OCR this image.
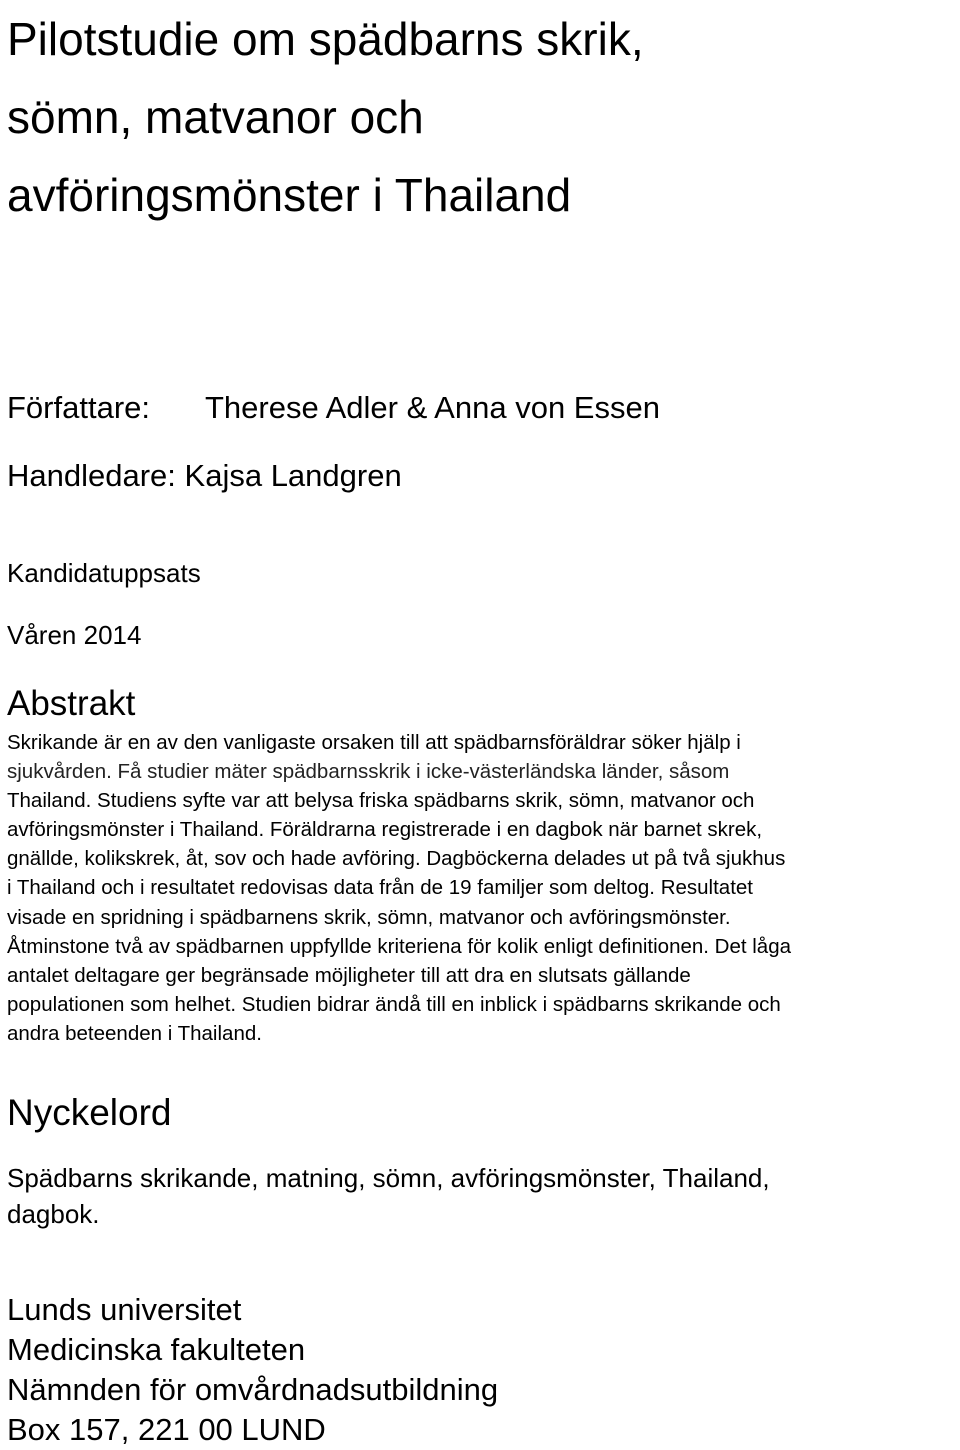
Pilotstudie om spädbarns skrik,
sömn, matvanor och
avföringsmönster i Thailand
Författare: Therese Adler & Anna von Essen
Handledare: Kajsa Landgren
Kandidatuppsats
Våren 2014
Abstrakt

Skrikande är en av den vanligaste orsaken till att spädbarnsföräldrar söker hjälp i
sjukvården. Få studier mäter spädbarnsskrik i icke-västerländska länder, såsom
Thailand. Studiens syfte var att belysa friska spädbarns skrik, sömn, matvanor och
avföringsmönster i Thailand. Föräldrarna registrerade i en dagbok när barnet skrek,
gnällde, kolikskrek, åt, sov och hade avföring. Dagböckerna delades ut på två sjukhus
i Thailand och i resultatet redovisas data från de 19 familjer som deltog. Resultatet
visade en spridning i spädbarnens skrik, sömn, matvanor och avföringsmönster.
Åtminstone två av spädbarnen uppfyllde kriteriena för kolik enligt definitionen. Det låga
antalet deltagare ger begränsade möjligheter till att dra en slutsats gällande
populationen som helhet. Studien bidrar ändå till en inblick i spädbarns skrikande och
andra beteenden i Thailand.

Nyckelord

Spädbarns skrikande, matning, sömn, avföringsmönster, Thailand,
dagbok.

Lunds universitet
Medicinska fakulteten
Nämnden för omvårdnadsutbildning
Box 157, 221 00 LUND
